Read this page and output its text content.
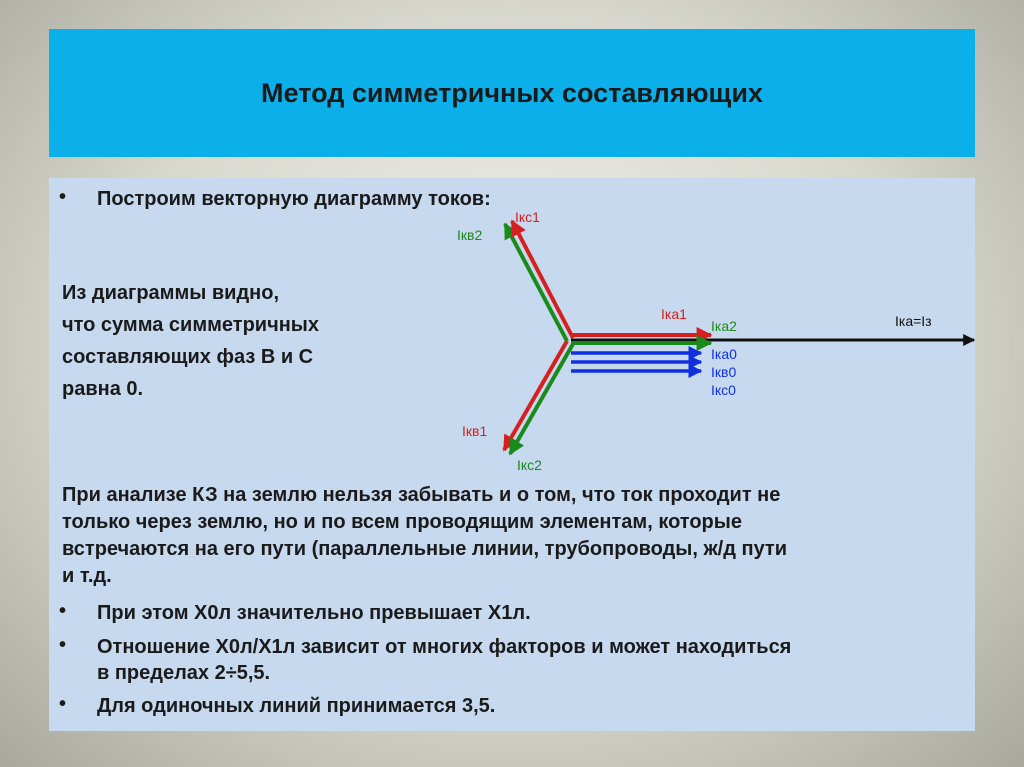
Метод симметричных составляющих
• Построим векторную диаграмму токов:
Из диаграммы видно,
что сумма симметричных
составляющих фаз В и С
равна 0.
Iкс1
Iкв2
Iка1
Iка2	Iка=Iз
Iка0
Iкв0
Iкс0
Iкв1
Iкс2
При анализе КЗ на землю нельзя забывать и о том, что ток проходит не
только через землю, но и по всем проводящим элементам, которые
встречаются на его пути (параллельные линии, трубопроводы, ж/д пути
и т.д.
• При этом Х0л значительно превышает Х1л.
• Отношение Х0л/Х1л зависит от многих факторов и может находиться
в пределах 2÷5,5.
• Для одиночных линий принимается 3,5.
